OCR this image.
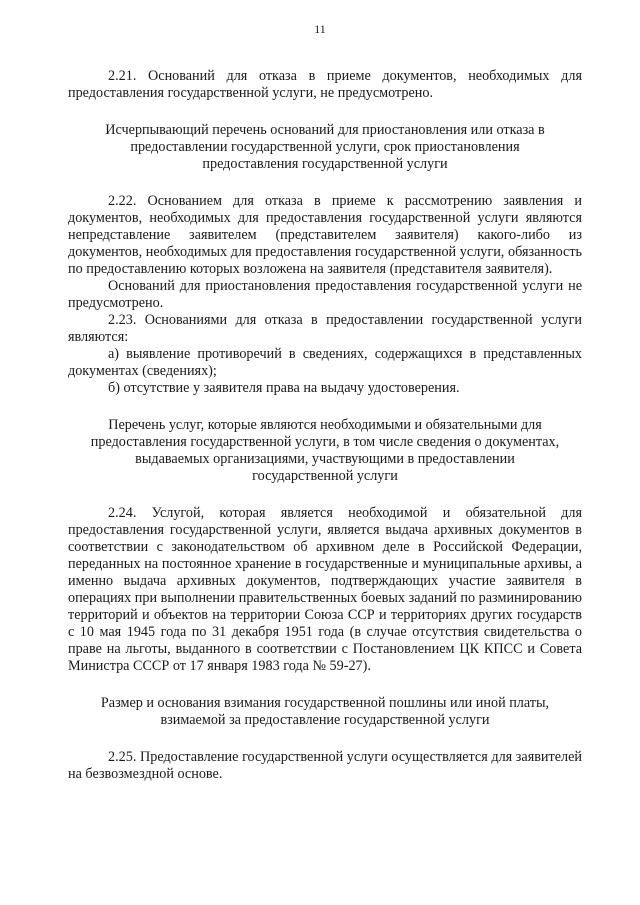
11

2.21. Оснований для отказа в приеме документов, необходимых для предоставления государственной услуги, не предусмотрено.

Исчерпывающий перечень оснований для приостановления или отказа в предоставлении государственной услуги, срок приостановления предоставления государственной услуги

2.22. Основанием для отказа в приеме к рассмотрению заявления и документов, необходимых для предоставления государственной услуги являются непредставление заявителем (представителем заявителя) какого-либо из документов, необходимых для предоставления государственной услуги, обязанность по предоставлению которых возложена на заявителя (представителя заявителя).

Оснований для приостановления предоставления государственной услуги не предусмотрено.

2.23. Основаниями для отказа в предоставлении государственной услуги являются:

а) выявление противоречий в сведениях, содержащихся в представленных документах (сведениях);

б) отсутствие у заявителя права на выдачу удостоверения.

Перечень услуг, которые являются необходимыми и обязательными для предоставления государственной услуги, в том числе сведения о документах, выдаваемых организациями, участвующими в предоставлении государственной услуги

2.24. Услугой, которая является необходимой и обязательной для предоставления государственной услуги, является выдача архивных документов в соответствии с законодательством об архивном деле в Российской Федерации, переданных на постоянное хранение в государственные и муниципальные архивы, а именно выдача архивных документов, подтверждающих участие заявителя в операциях при выполнении правительственных боевых заданий по разминированию территорий и объектов на территории Союза ССР и территориях других государств с 10 мая 1945 года по 31 декабря 1951 года (в случае отсутствия свидетельства о праве на льготы, выданного в соответствии с Постановлением ЦК КПСС и Совета Министра СССР от 17 января 1983 года № 59-27).

Размер и основания взимания государственной пошлины или иной платы, взимаемой за предоставление государственной услуги

2.25. Предоставление государственной услуги осуществляется для заявителей на безвозмездной основе.
